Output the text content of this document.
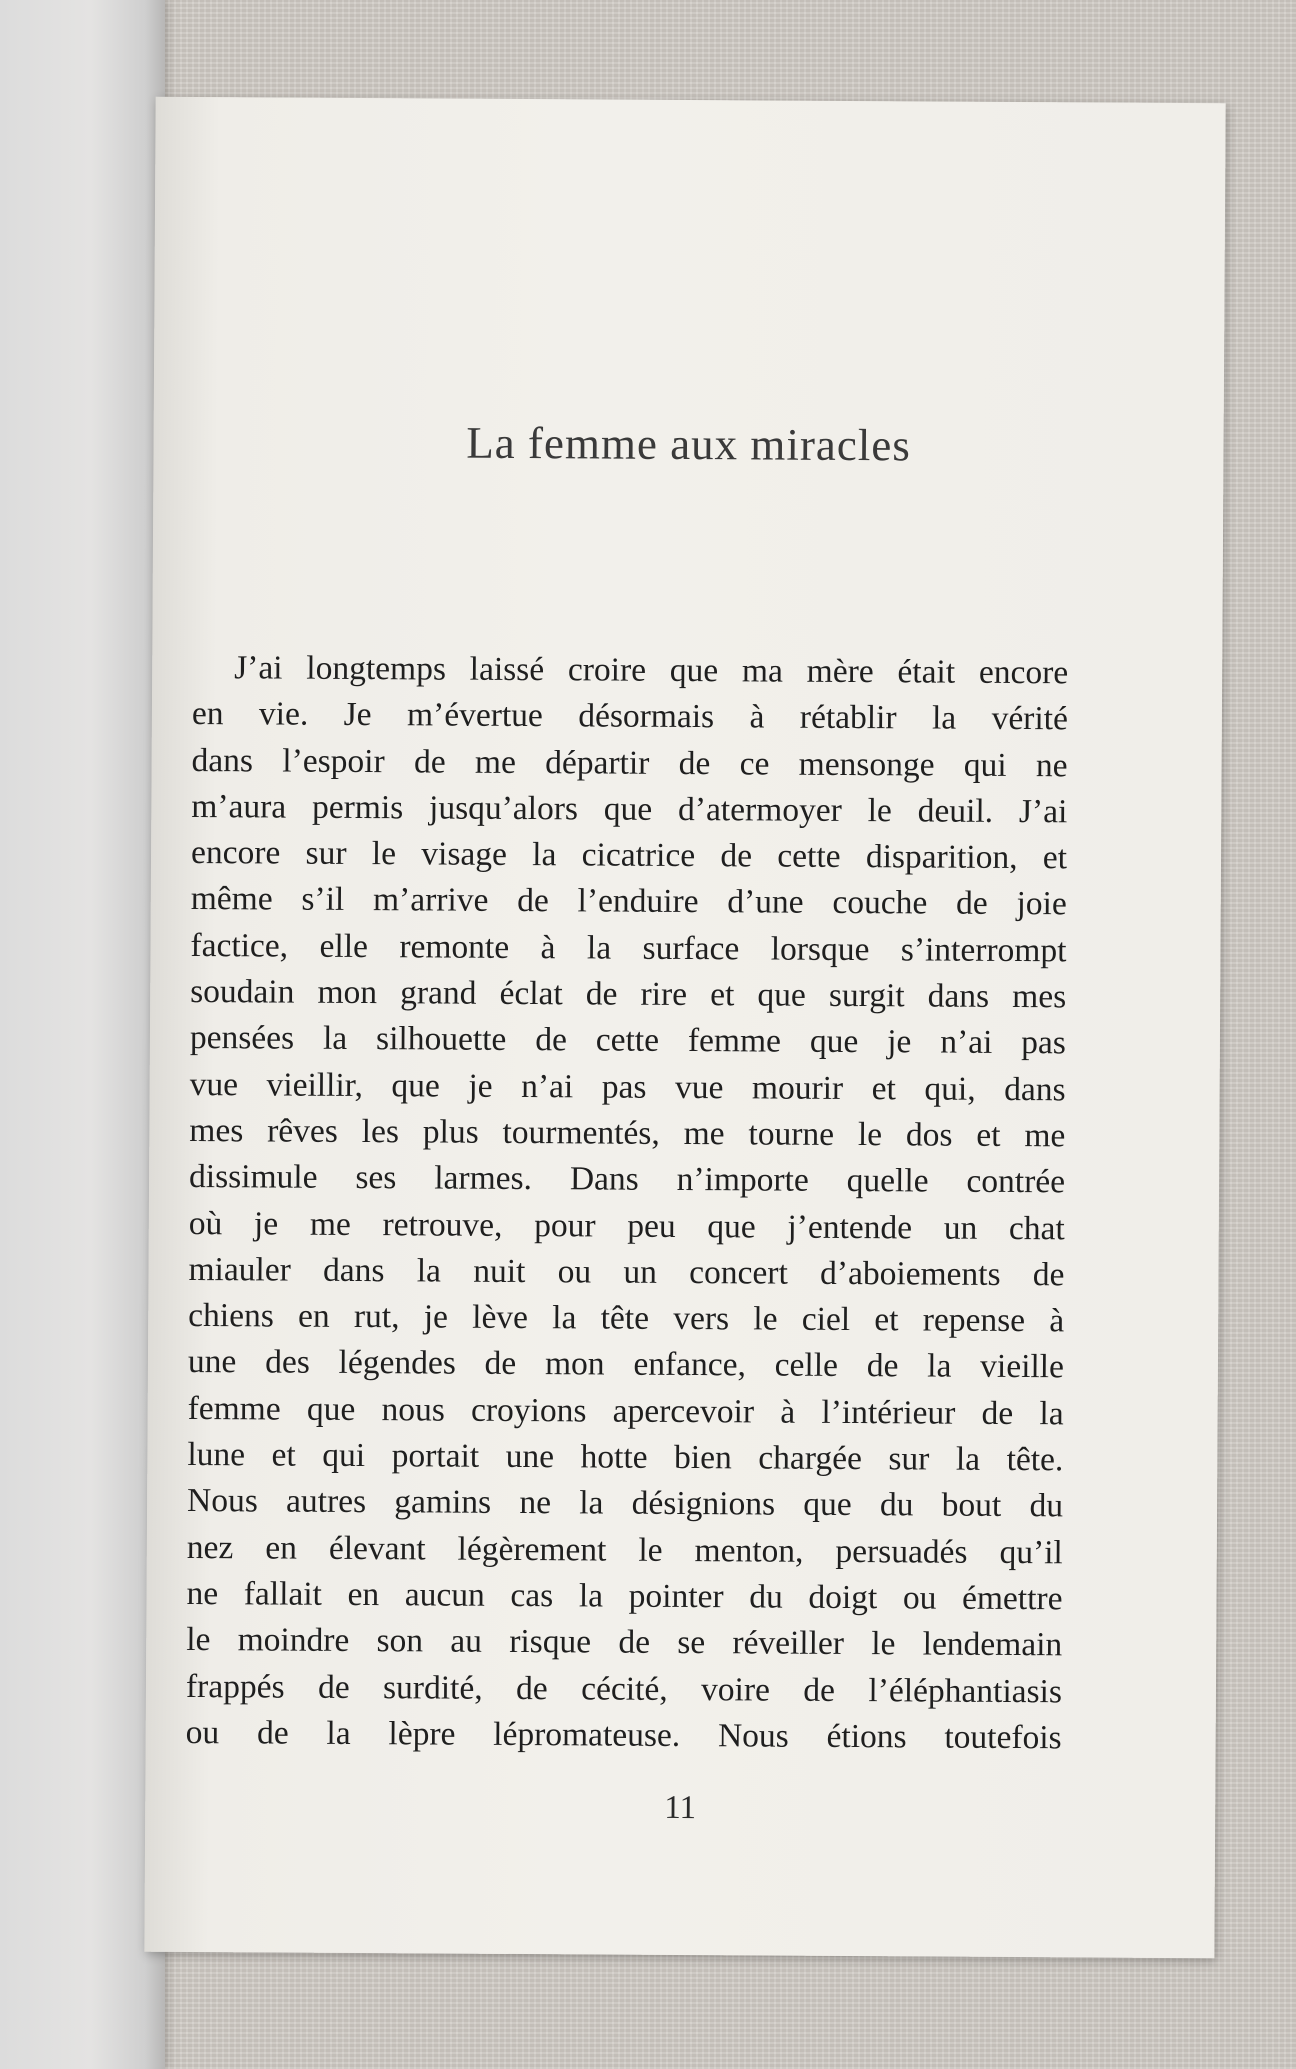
La femme aux miracles
J’ai longtemps laissé croire que ma mère était encore
en vie. Je m’évertue désormais à rétablir la vérité
dans l’espoir de me départir de ce mensonge qui ne
m’aura permis jusqu’alors que d’atermoyer le deuil. J’ai
encore sur le visage la cicatrice de cette disparition, et
même s’il m’arrive de l’enduire d’une couche de joie
factice, elle remonte à la surface lorsque s’interrompt
soudain mon grand éclat de rire et que surgit dans mes
pensées la silhouette de cette femme que je n’ai pas
vue vieillir, que je n’ai pas vue mourir et qui, dans
mes rêves les plus tourmentés, me tourne le dos et me
dissimule ses larmes. Dans n’importe quelle contrée
où je me retrouve, pour peu que j’entende un chat
miauler dans la nuit ou un concert d’aboiements de
chiens en rut, je lève la tête vers le ciel et repense à
une des légendes de mon enfance, celle de la vieille
femme que nous croyions apercevoir à l’intérieur de la
lune et qui portait une hotte bien chargée sur la tête.
Nous autres gamins ne la désignions que du bout du
nez en élevant légèrement le menton, persuadés qu’il
ne fallait en aucun cas la pointer du doigt ou émettre
le moindre son au risque de se réveiller le lendemain
frappés de surdité, de cécité, voire de l’éléphantiasis
ou de la lèpre lépromateuse. Nous étions toutefois
11
